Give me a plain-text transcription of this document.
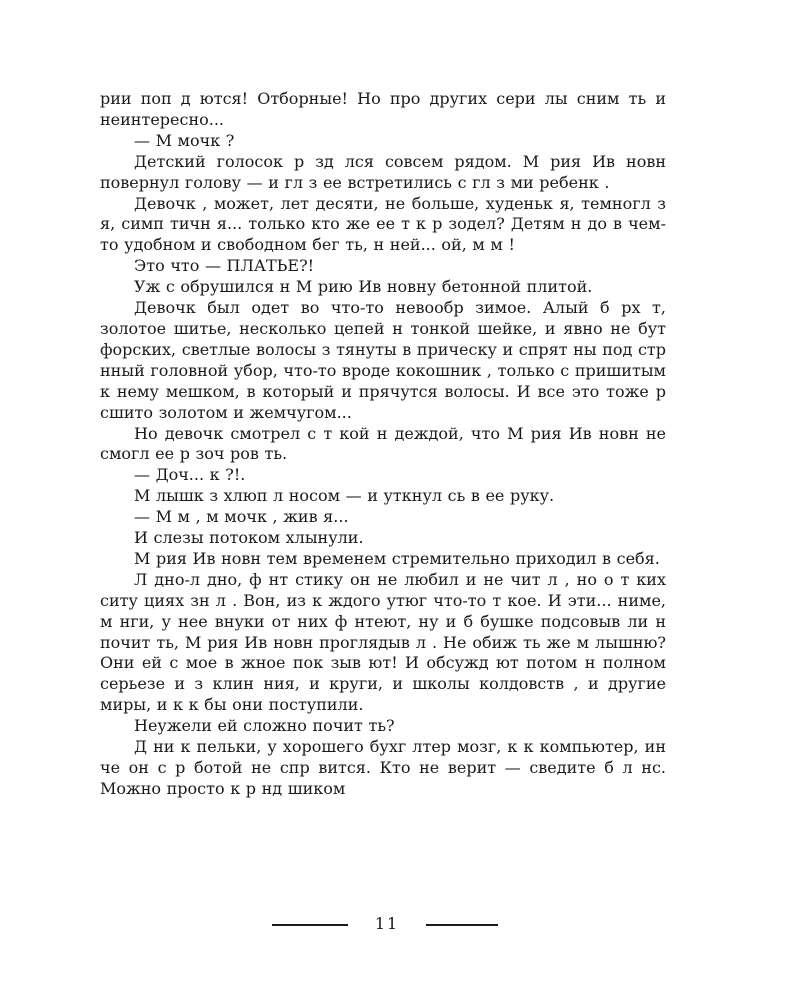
рии поп д ются! Отборные! Но про других сери лы сним ть и неинтересно...

— М мочк ?

Детский голосок р зд лся совсем рядом. М рия Ив новн повернул голову — и гл з ее встретились с гл з ми ребенк .

Девочк , может, лет десяти, не больше, худеньк я, темногл з я, симп тичн я... только кто же ее т к р зодел? Детям н до в чем-то удобном и свободном бег ть, н ней... ой, м м !

Это что — ПЛАТЬЕ?!

Уж с обрушился н М рию Ив новну бетонной плитой.

Девочк был одет во что-то невообр зимое. Алый б рх т, золотое шитье, несколько цепей н тонкой шейке, и явно не бут форских, светлые волосы з тянуты в прическу и спрят ны под стр нный головной убор, что-то вроде кокошник , только с пришитым к нему мешком, в который и прячутся волосы. И все это тоже р сшито золотом и жемчугом...

Но девочк смотрел с т кой н деждой, что М рия Ив новн не смогл ее р зоч ров ть.

— Доч... к ?!.

М лышк з хлюп л носом — и уткнул сь в ее руку.

— М м , м мочк , жив я...

И слезы потоком хлынули.

М рия Ив новн тем временем стремительно приходил в себя.

Л дно-л дно, ф нт стику он не любил и не чит л , но о т ких ситу циях зн л . Вон, из к ждого утюг что-то т кое. И эти... ниме, м нги, у нее внуки от них ф нтеют, ну и б бушке подсовыв ли н почит ть, М рия Ив новн проглядыв л . Не обиж ть же м лышню? Они ей с мое в жное пок зыв ют! И обсужд ют потом н полном серьезе и з клин ния, и круги, и школы колдовств , и другие миры, и к к бы они поступили.

Неужели ей сложно почит ть?

Д ни к пельки, у хорошего бухг лтер мозг, к к компьютер, ин че он с р ботой не спр вится. Кто не верит — сведите б л нс. Можно просто к р нд шиком

11
